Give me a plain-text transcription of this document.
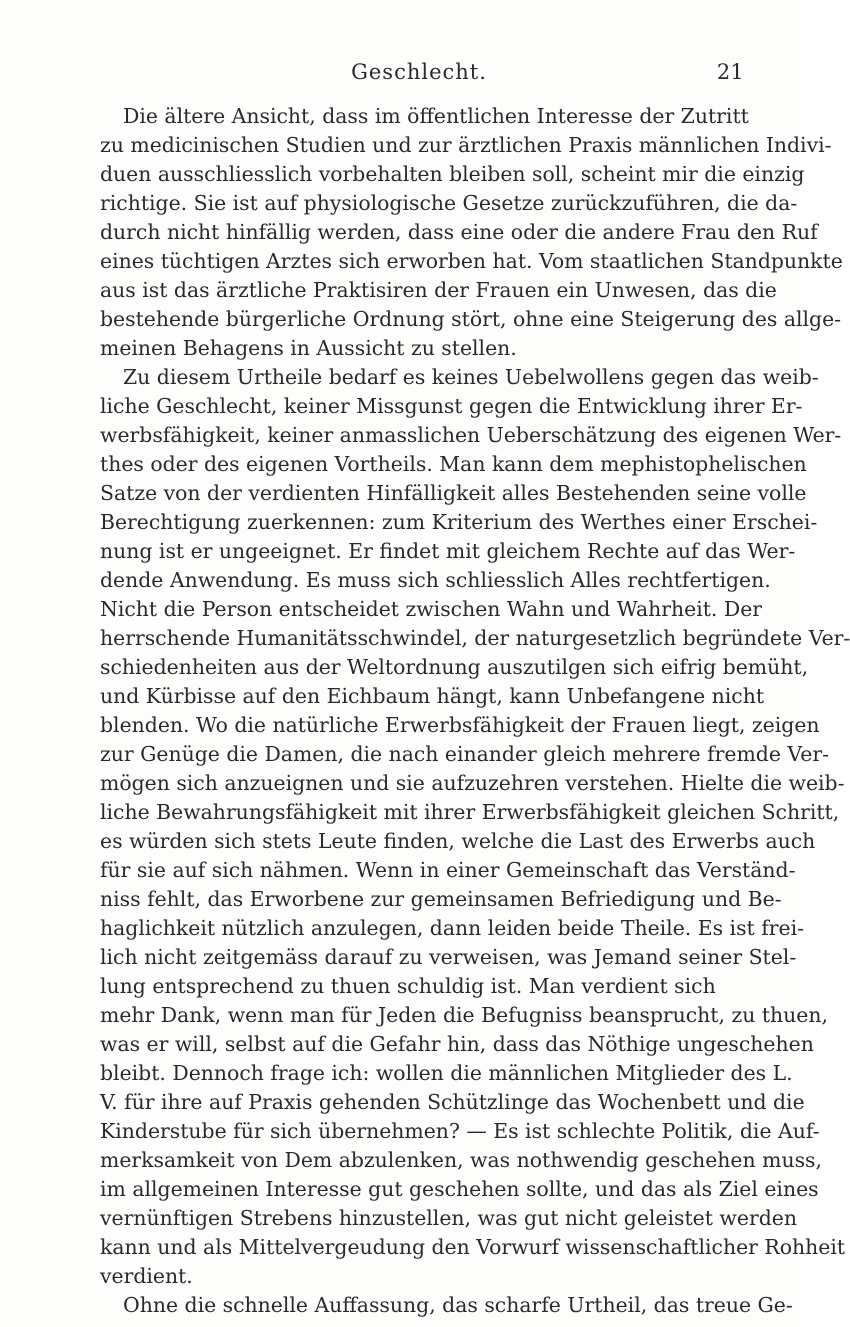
Geschlecht.	21
Die ältere Ansicht, dass im öffentlichen Interesse der Zutritt
zu medicinischen Studien und zur ärztlichen Praxis männlichen Indivi-
duen ausschliesslich vorbehalten bleiben soll, scheint mir die einzig
richtige. Sie ist auf physiologische Gesetze zurückzuführen, die da-
durch nicht hinfällig werden, dass eine oder die andere Frau den Ruf
eines tüchtigen Arztes sich erworben hat. Vom staatlichen Standpunkte
aus ist das ärztliche Praktisiren der Frauen ein Unwesen, das die
bestehende bürgerliche Ordnung stört, ohne eine Steigerung des allge-
meinen Behagens in Aussicht zu stellen.
Zu diesem Urtheile bedarf es keines Uebelwollens gegen das weib-
liche Geschlecht, keiner Missgunst gegen die Entwicklung ihrer Er-
werbsfähigkeit, keiner anmasslichen Ueberschätzung des eigenen Wer-
thes oder des eigenen Vortheils. Man kann dem mephistophelischen
Satze von der verdienten Hinfälligkeit alles Bestehenden seine volle
Berechtigung zuerkennen: zum Kriterium des Werthes einer Erschei-
nung ist er ungeeignet. Er findet mit gleichem Rechte auf das Wer-
dende Anwendung. Es muss sich schliesslich Alles rechtfertigen.
Nicht die Person entscheidet zwischen Wahn und Wahrheit. Der
herrschende Humanitätsschwindel, der naturgesetzlich begründete Ver-
schiedenheiten aus der Weltordnung auszutilgen sich eifrig bemüht,
und Kürbisse auf den Eichbaum hängt, kann Unbefangene nicht
blenden. Wo die natürliche Erwerbsfähigkeit der Frauen liegt, zeigen
zur Genüge die Damen, die nach einander gleich mehrere fremde Ver-
mögen sich anzueignen und sie aufzuzehren verstehen. Hielte die weib-
liche Bewahrungsfähigkeit mit ihrer Erwerbsfähigkeit gleichen Schritt,
es würden sich stets Leute finden, welche die Last des Erwerbs auch
für sie auf sich nähmen. Wenn in einer Gemeinschaft das Verständ-
niss fehlt, das Erworbene zur gemeinsamen Befriedigung und Be-
haglichkeit nützlich anzulegen, dann leiden beide Theile. Es ist frei-
lich nicht zeitgemäss darauf zu verweisen, was Jemand seiner Stel-
lung entsprechend zu thuen schuldig ist. Man verdient sich
mehr Dank, wenn man für Jeden die Befugniss beansprucht, zu thuen,
was er will, selbst auf die Gefahr hin, dass das Nöthige ungeschehen
bleibt. Dennoch frage ich: wollen die männlichen Mitglieder des L.
V. für ihre auf Praxis gehenden Schützlinge das Wochenbett und die
Kinderstube für sich übernehmen? — Es ist schlechte Politik, die Auf-
merksamkeit von Dem abzulenken, was nothwendig geschehen muss,
im allgemeinen Interesse gut geschehen sollte, und das als Ziel eines
vernünftigen Strebens hinzustellen, was gut nicht geleistet werden
kann und als Mittelvergeudung den Vorwurf wissenschaftlicher Rohheit
verdient.
Ohne die schnelle Auffassung, das scharfe Urtheil, das treue Ge-
